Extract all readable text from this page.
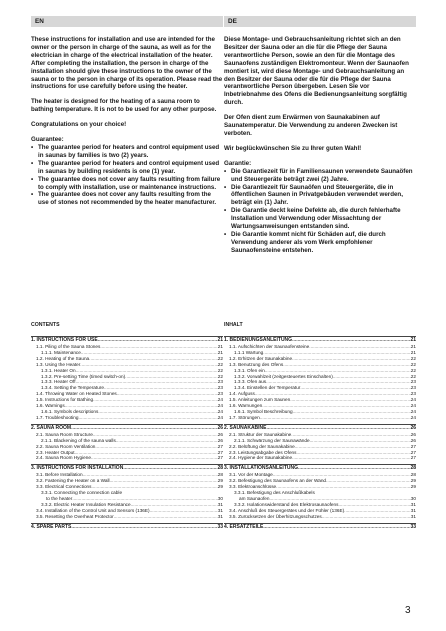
EN

These instructions for installation and use are intended for the owner or the person in charge of the sauna, as well as for the electrician in charge of the electrical installation of the heater. After completing the installation, the person in charge of the installation should give these instructions to the owner of the sauna or to the person in charge of its operation. Please read the instructions for use carefully before using the heater.

The heater is designed for the heating of a sauna room to bathing temperature. It is not to be used for any other purpose.

Congratulations on your choice!

Guarantee:
• The guarantee period for heaters and control equipment used in saunas by families is two (2) years.
• The guarantee period for heaters and control equipment used in saunas by building residents is one (1) year.
• The guarantee does not cover any faults resulting from failure to comply with installation, use or maintenance instructions.
• The guarantee does not cover any faults resulting from the use of stones not recommended by the heater manufacturer.
DE

Diese Montage- und Gebrauchsanleitung richtet sich an den Besitzer der Sauna oder an die für die Pflege der Sauna verantwortliche Person, sowie an den für die Montage des Saunaofens zuständigen Elektromonteur. Wenn der Saunaofen montiert ist, wird diese Montage- und Gebrauchsanleitung an den Besitzer der Sauna oder die für die Pflege der Sauna verantwortliche Person übergeben. Lesen Sie vor Inbetriebnahme des Ofens die Bedienungsanleitung sorgfältig durch.

Der Ofen dient zum Erwärmen von Saunakabinen auf Saunatemperatur. Die Verwendung zu anderen Zwecken ist verboten.

Wir beglückwünschen Sie zu Ihrer guten Wahl!

Garantie:
• Die Garantiezeit für in Familiensaunen verwendete Saunaöfen und Steuergeräte beträgt zwei (2) Jahre.
• Die Garantiezeit für Saunaöfen und Steuergeräte, die in öffentlichen Saunen in Privatgebäuden verwendet werden, beträgt ein (1) Jahr.
• Die Garantie deckt keine Defekte ab, die durch fehlerhafte Installation und Verwendung oder Missachtung der Wartungsanweisungen entstanden sind.
• Die Garantie kommt nicht für Schäden auf, die durch Verwendung anderer als vom Werk empfohlener Saunaofensteine entstehen.
CONTENTS
1. INSTRUCTIONS FOR USE .....	21
1.1. Piling of the Sauna Stones .....	21
1.1.1. Maintenance .....	21
1.2. Heating of the Sauna .....	22
1.3. Using the Heater .....	22
1.3.1. Heater On .....	22
1.3.2. Pre-setting Time (timed switch-on) .....	22
1.3.3. Heater Off .....	23
1.3.4. Setting the Temperature .....	23
1.4. Throwing Water on Heated Stones .....	23
1.5. Instructions for Bathing .....	24
1.6. Warnings .....	24
1.6.1. Symbols descriptions .....	24
1.7. Troubleshooting .....	24
2. SAUNA ROOM .....	26
2.1. Sauna Room Structure .....	26
2.1.1. Blackening of the sauna walls .....	26
2.2. Sauna Room Ventilation .....	27
2.3. Heater Output .....	27
2.4. Sauna Room Hygiene .....	27
3. INSTRUCTIONS FOR INSTALLATION .....	28
3.1. Before Installation .....	28
3.2. Fastening the Heater on a Wall .....	29
3.3. Electrical Connections .....	29
3.3.1. Connecting the connection cable
to the heater .....	30
3.3.2. Electric Heater Insulation Resistance .....	31
3.4. Installation of the Control Unit and Sensors (136E) .....	31
3.5. Resetting the Overheat Protector .....	31
4. SPARE PARTS .....	33
INHALT
1. BEDIENUNGSANLEITUNG .....	21
1.1. Aufschichten der Saunaofensteine .....	21
1.1.1 Wartung .....	21
1.2. Erhitzen der Saunakabine .....	22
1.3. Benutzung des Ofens .....	22
1.3.1. Ofen ein .....	22
1.3.2. Vorwahlzeit (zeitgesteuertes Einschalten) .....	22
1.3.3. Ofen aus .....	23
1.3.4. Einstellen der Temperatur .....	23
1.4. Aufguss .....	23
1.5. Anleitungen zum Saunen .....	24
1.6. Warnungen .....	24
1.6.1. Symbol Beschreibung .....	24
1.7. Störungen .....	24
2. SAUNAKABINE .....	26
2.1. Struktur der Saunakabine .....	26
2.1.1. Schwärzung der Saunawände .....	26
2.2. Belüftung der Saunakabine .....	27
2.3. Leistungsabgabe des Ofens .....	27
2.4. Hygiene der Saunakabine .....	27
3. INSTALLATIONSANLEITUNG .....	28
3.1. Vor der Montage .....	28
3.2. Befestigung des Saunaofens an der Wand .....	29
3.3. Elektroanschlüsse .....	29
3.3.1. Befestigung des Anschlußkabels
am Saunaofen .....	30
3.3.2. Isolationswiderstand des Elektrosaunaofens .....	31
3.4. Anschluß des Steuergerätes und der Fühler (136E) .....	31
3.5. Zurücksetzen der Überhitzungsschutzes .....	31
4. ERSATZTEILE .....	33
3
